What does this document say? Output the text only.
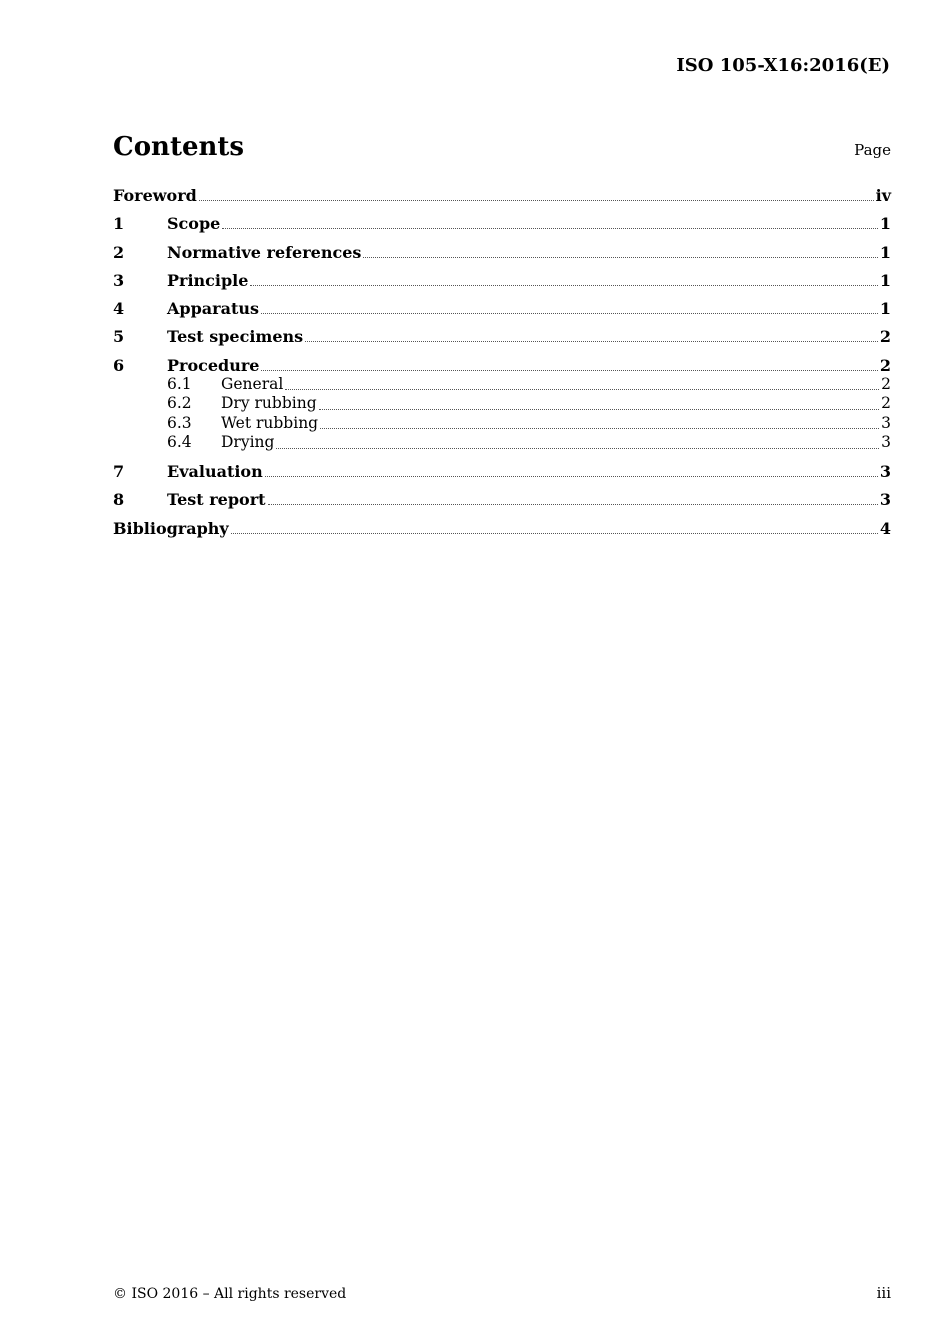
ISO 105-X16:2016(E)
Contents	Page
Foreword	iv
1	Scope	1
2	Normative references	1
3	Principle	1
4	Apparatus	1
5	Test specimens	2
6	Procedure	2
6.1	General	2
6.2	Dry rubbing	2
6.3	Wet rubbing	3
6.4	Drying	3
7	Evaluation	3
8	Test report	3
Bibliography	4
© ISO 2016 – All rights reserved	iii
